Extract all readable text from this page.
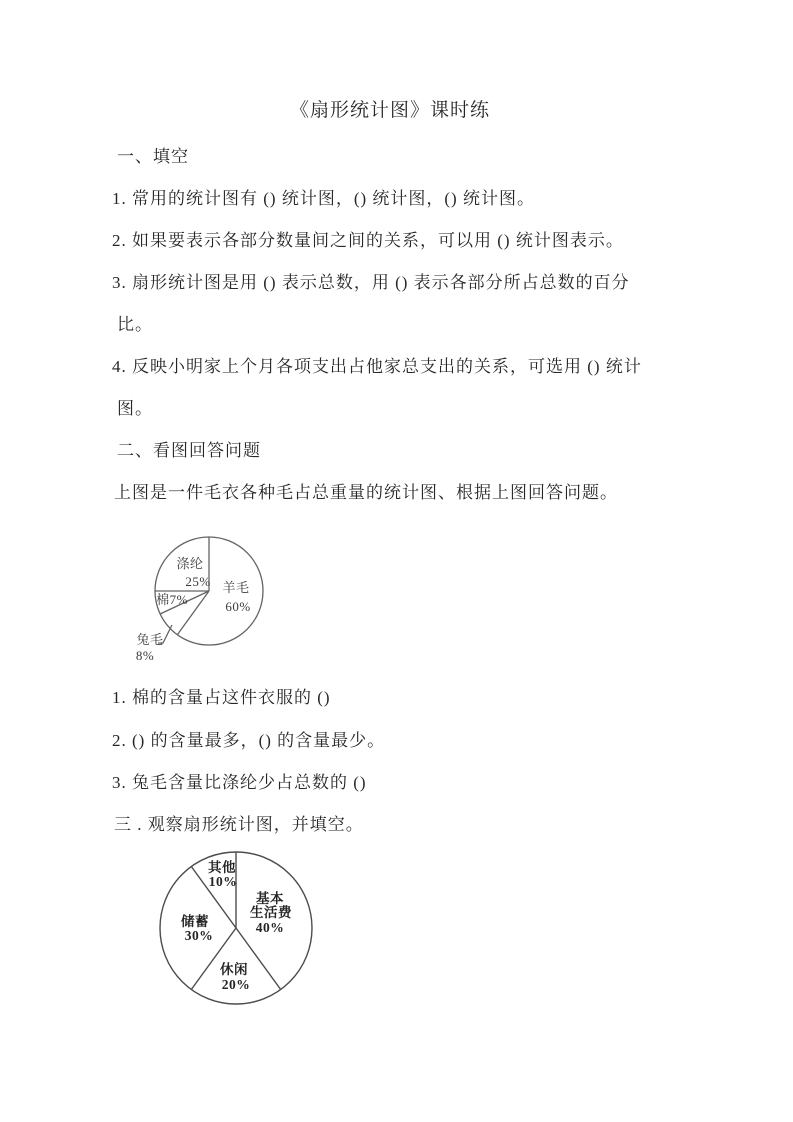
《扇形统计图》课时练
一、填空
1. 常用的统计图有 () 统计图，() 统计图，() 统计图。
2. 如果要表示各部分数量间之间的关系，可以用 () 统计图表示。
3. 扇形统计图是用 () 表示总数，用 () 表示各部分所占总数的百分
比。
4. 反映小明家上个月各项支出占他家总支出的关系，可选用 () 统计
图。
二、看图回答问题
上图是一件毛衣各种毛占总重量的统计图、根据上图回答问题。
涤纶
25% 羊毛
60%
棉7%
兔毛
8%
1. 棉的含量占这件衣服的 ()
2. () 的含量最多，() 的含量最少。
3. 兔毛含量比涤纶少占总数的 ()
三 . 观察扇形统计图，并填空。
其他
10%
基本
生活费
40%
储蓄
30%
休闲
20%
